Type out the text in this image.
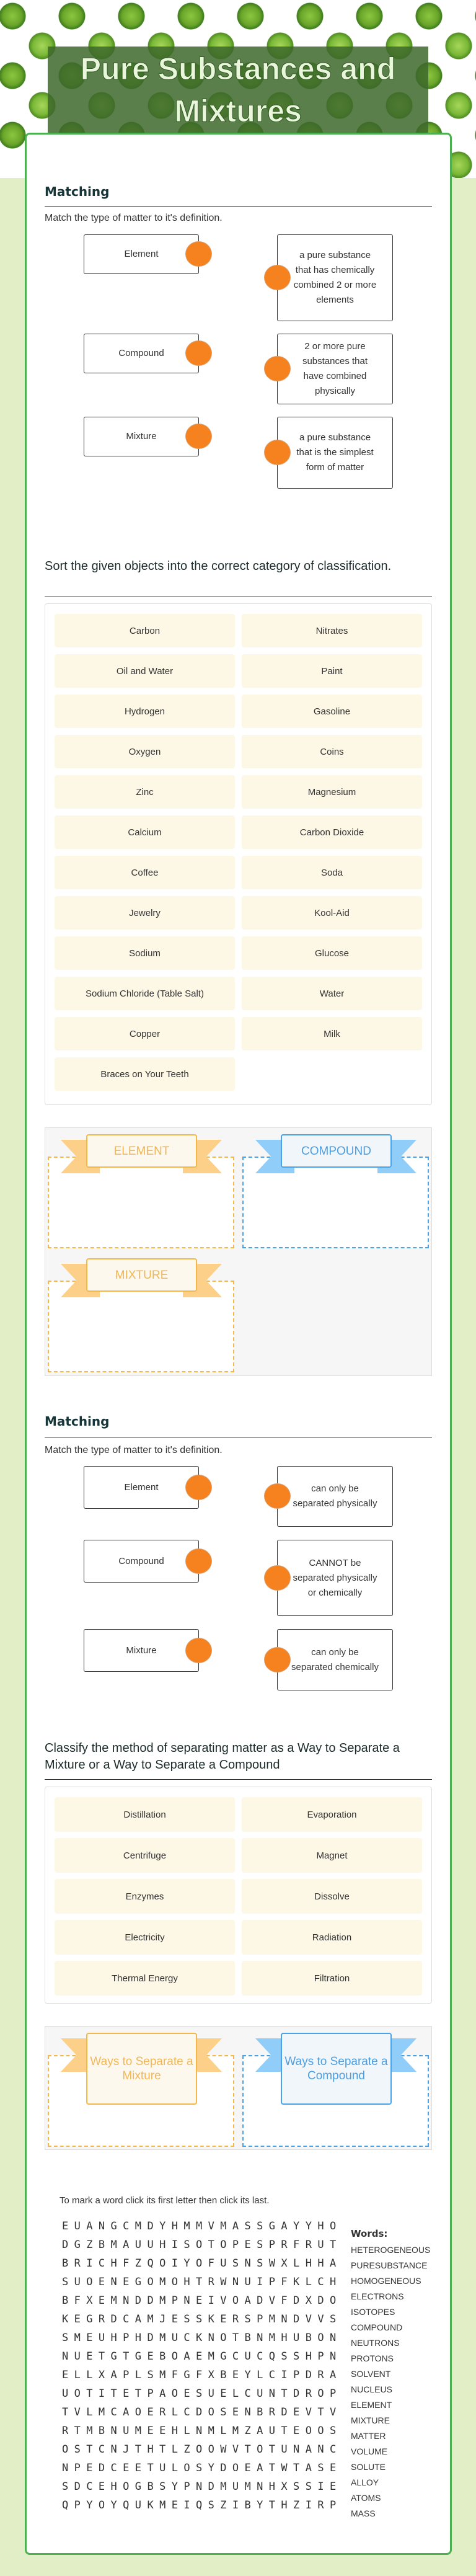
Pure Substances and Mixtures
Matching
Match the type of matter to it's definition.
Element
Compound
Mixture
a pure substance that has chemically combined 2 or more elements
2 or more pure substances that have combined physically
a pure substance that is the simplest form of matter
Sort the given objects into the correct category of classification.
Carbon	Nitrates
Oil and Water	Paint
Hydrogen	Gasoline
Oxygen	Coins
Zinc	Magnesium
Calcium	Carbon Dioxide
Coffee	Soda
Jewelry	Kool-Aid
Sodium	Glucose
Sodium Chloride (Table Salt)	Water
Copper	Milk
Braces on Your Teeth
ELEMENT	COMPOUND
MIXTURE
Matching
Match the type of matter to it's definition.
Element
Compound
Mixture
can only be separated physically
CANNOT be separated physically or chemically
can only be separated chemically
Classify the method of separating matter as a Way to Separate a Mixture or a Way to Separate a Compound
Distillation	Evaporation
Centrifuge	Magnet
Enzymes	Dissolve
Electricity	Radiation
Thermal Energy	Filtration
Ways to Separate a Mixture
Ways to Separate a Compound
To mark a word click its first letter then click its last.
EUANGCMDYHMMVMASSGAYYHO
DGZBMAUUHISOTOPESPRFRUT
BRICHFZQOIYOFUSNSWXLHHA
SUOENEGOMOHTRWNUIPFKLCH
BFXEMNDDMPNEIVOADVFDXDO
KEGRDCAMJESSKERSPMNDVVS
SMEUHPHDMUCKNOTBNMHUBON
NUETGTGEBOAEMGCUCQSSHPN
ELLXAPLSMFGFXBEYLCIPDRA
UOTITETPAOESUELCUNTDROP
TVLMCAOERLCDOSENBRDEVTV
RTMBNUMEEHLNMLMZAUTEOOS
OSTCNJTHTLZOOWVTOTUNANC
NPEDCEETULOSYDOEATWTASE
SDCEHOGBSYPNDMUMNHXSSIE
QPYOYQUKMEIQSZIBYTHZIRP
Words:
HETEROGENEOUS
PURESUBSTANCE
HOMOGENEOUS
ELECTRONS
ISOTOPES
COMPOUND
NEUTRONS
PROTONS
SOLVENT
NUCLEUS
ELEMENT
MIXTURE
MATTER
VOLUME
SOLUTE
ALLOY
ATOMS
MASS
